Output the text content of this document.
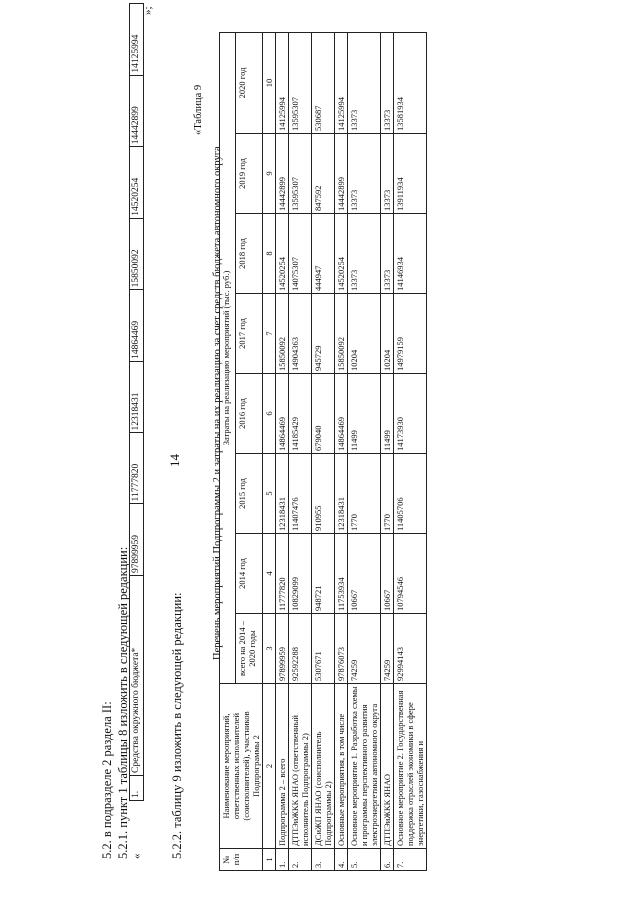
14
5.2. в подразделе 2 раздела II: 5.2.1. пункт 1 таблицы 8 изложить в следующей редакции: «
1.	Средства окружного бюджета*	97899959	11777820	12318431	14864469	15850092	14520254	14442899	14125994
5.2.2. таблицу 9 изложить в следующей редакции:
»;
«Таблица 9
Перечень мероприятий Подпрограммы 2 и затраты на их реализацию за счет средств бюджета автономного округа
№ п/п	Наименование мероприятий, ответственных исполнителей (соисполнителей), участников Подпрограммы 2	Затраты на реализацию мероприятий (тыс. руб.)							
		всего на 2014 – 2020 годы	2014 год	2015 год	2016 год	2017 год	2018 год	2019 год	2020 год
1	2	3	4	5	6	7	8	9	10
1.	Подпрограмма 2 – всего	97899959	11777820	12318431	14864469	15850092	14520254	14442899	14125994
2.	ДТПЭиЖКК ЯНАО (ответственный исполнитель Подпрограммы 2)	92592288	10829099	11407476	14185429	14904363	14075307	13595307	13595307
3.	ДСиЖП ЯНАО (соисполнитель Подпрограммы 2)	5307671	948721	910955	679040	945729	444947	847592	530687
4.	Основные мероприятия, в том числе	97876073	11753934	12318431	14864469	15850092	14520254	14442899	14125994
5.	Основное мероприятие 1. Разработка схемы и программы перспективного развития электроэнергетики автономного округа	74259	10667	1770	11499	10204	13373	13373	13373
6.	ДТПЭиЖКК ЯНАО	74259	10667	1770	11499	10204	13373	13373	13373
7.	Основное мероприятие 2. Государственная поддержка отраслей экономики в сфере энергетики, газоснабжения и	92994143	10794546	11405706	14173930	14979159	14146934	13911934	13581934
